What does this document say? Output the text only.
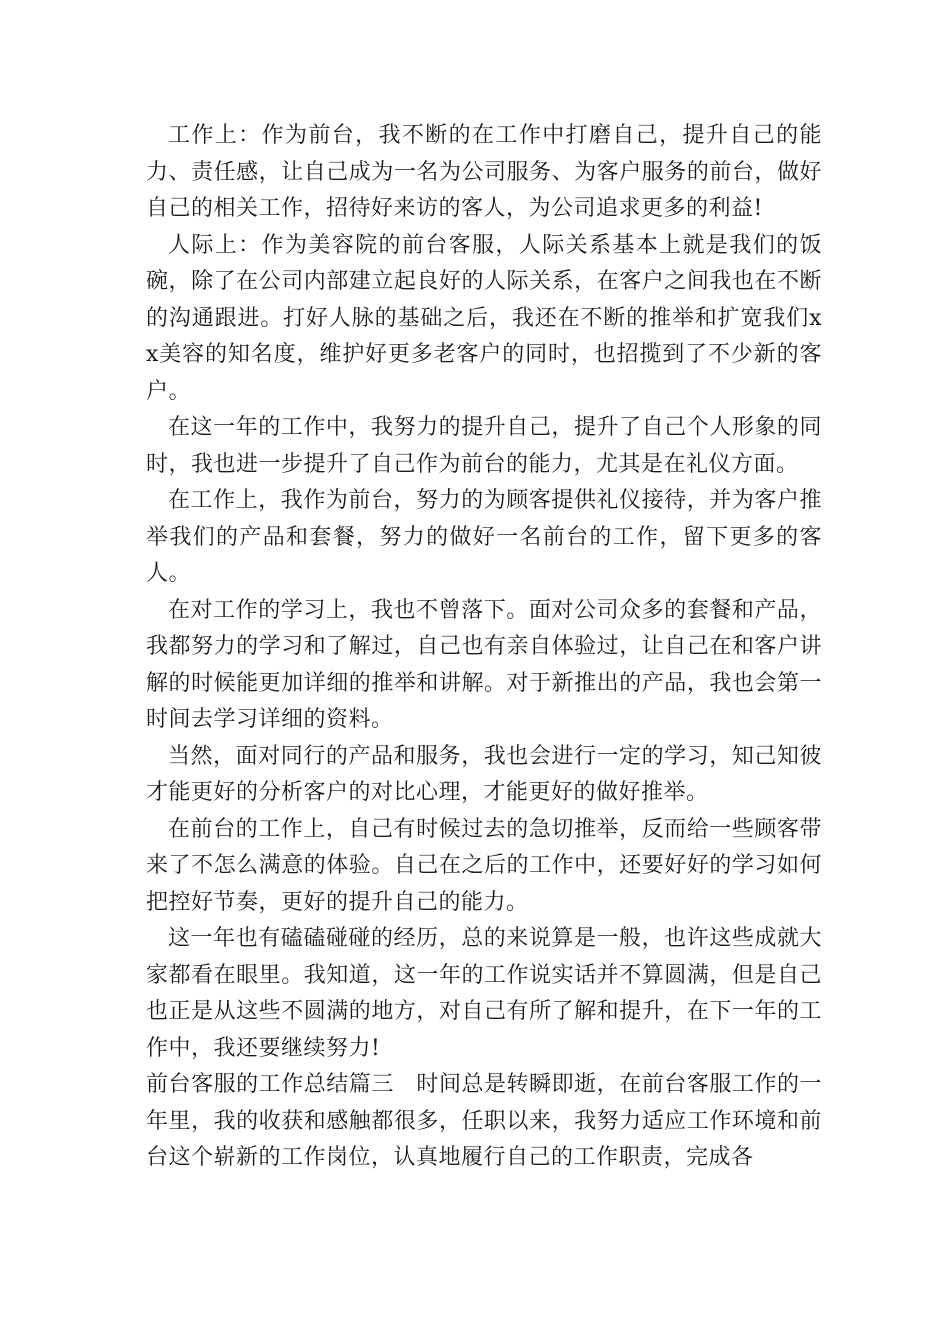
工作上：作为前台，我不断的在工作中打磨自己，提升自己的能力、责任感，让自己成为一名为公司服务、为客户服务的前台，做好自己的相关工作，招待好来访的客人，为公司追求更多的利益!

人际上：作为美容院的前台客服，人际关系基本上就是我们的饭碗，除了在公司内部建立起良好的人际关系，在客户之间我也在不断的沟通跟进。打好人脉的基础之后，我还在不断的推举和扩宽我们xx美容的知名度，维护好更多老客户的同时，也招揽到了不少新的客户。

在这一年的工作中，我努力的提升自己，提升了自己个人形象的同时，我也进一步提升了自己作为前台的能力，尤其是在礼仪方面。

在工作上，我作为前台，努力的为顾客提供礼仪接待，并为客户推举我们的产品和套餐，努力的做好一名前台的工作，留下更多的客人。

在对工作的学习上，我也不曾落下。面对公司众多的套餐和产品，我都努力的学习和了解过，自己也有亲自体验过，让自己在和客户讲解的时候能更加详细的推举和讲解。对于新推出的产品，我也会第一时间去学习详细的资料。

当然，面对同行的产品和服务，我也会进行一定的学习，知己知彼才能更好的分析客户的对比心理，才能更好的做好推举。

在前台的工作上，自己有时候过去的急切推举，反而给一些顾客带来了不怎么满意的体验。自己在之后的工作中，还要好好的学习如何把控好节奏，更好的提升自己的能力。

这一年也有磕磕碰碰的经历，总的来说算是一般，也许这些成就大家都看在眼里。我知道，这一年的工作说实话并不算圆满，但是自己也正是从这些不圆满的地方，对自己有所了解和提升，在下一年的工作中，我还要继续努力!

前台客服的工作总结篇三　时间总是转瞬即逝，在前台客服工作的一年里，我的收获和感触都很多，任职以来，我努力适应工作环境和前台这个崭新的工作岗位，认真地履行自己的工作职责，完成各
